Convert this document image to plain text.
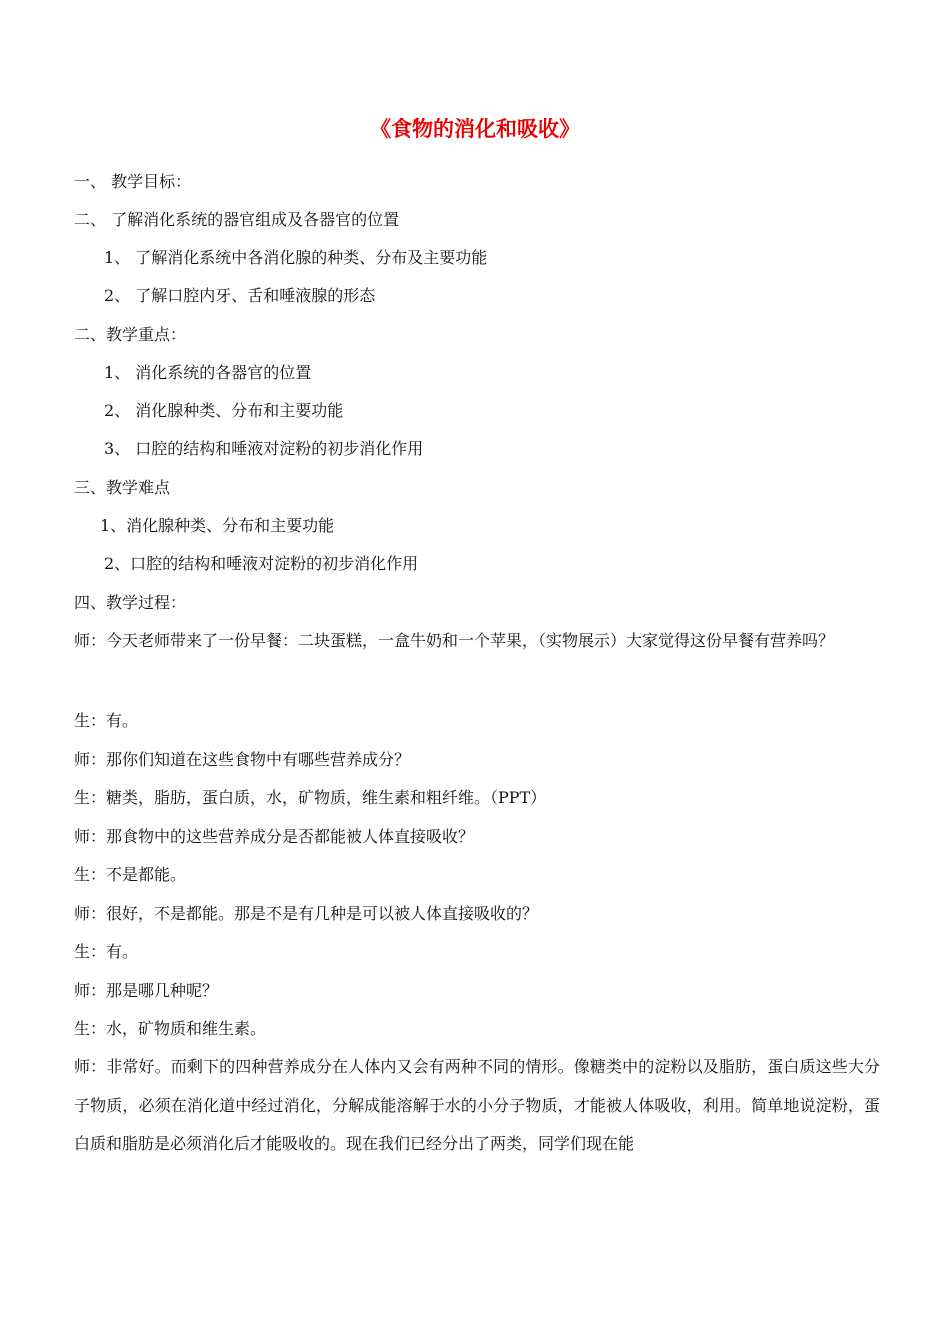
《食物的消化和吸收》
一、 教学目标：
二、 了解消化系统的器官组成及各器官的位置
1、 了解消化系统中各消化腺的种类、分布及主要功能
2、 了解口腔内牙、舌和唾液腺的形态
二、教学重点：
1、 消化系统的各器官的位置
2、 消化腺种类、分布和主要功能
3、 口腔的结构和唾液对淀粉的初步消化作用
三、教学难点
1、消化腺种类、分布和主要功能
2、口腔的结构和唾液对淀粉的初步消化作用
四、教学过程：
师：今天老师带来了一份早餐：二块蛋糕，一盒牛奶和一个苹果，（实物展示）大家觉得这份早餐有营养吗？
生：有。
师：那你们知道在这些食物中有哪些营养成分？
生：糖类，脂肪，蛋白质，水，矿物质，维生素和粗纤维。（PPT）
师：那食物中的这些营养成分是否都能被人体直接吸收？
生：不是都能。
师：很好，不是都能。那是不是有几种是可以被人体直接吸收的？
生：有。
师：那是哪几种呢？
生：水，矿物质和维生素。
师：非常好。而剩下的四种营养成分在人体内又会有两种不同的情形。像糖类中的淀粉以及脂肪，蛋白质这些大分子物质，必须在消化道中经过消化，分解成能溶解于水的小分子物质，才能被人体吸收，利用。简单地说淀粉，蛋白质和脂肪是必须消化后才能吸收的。现在我们已经分出了两类，同学们现在能
